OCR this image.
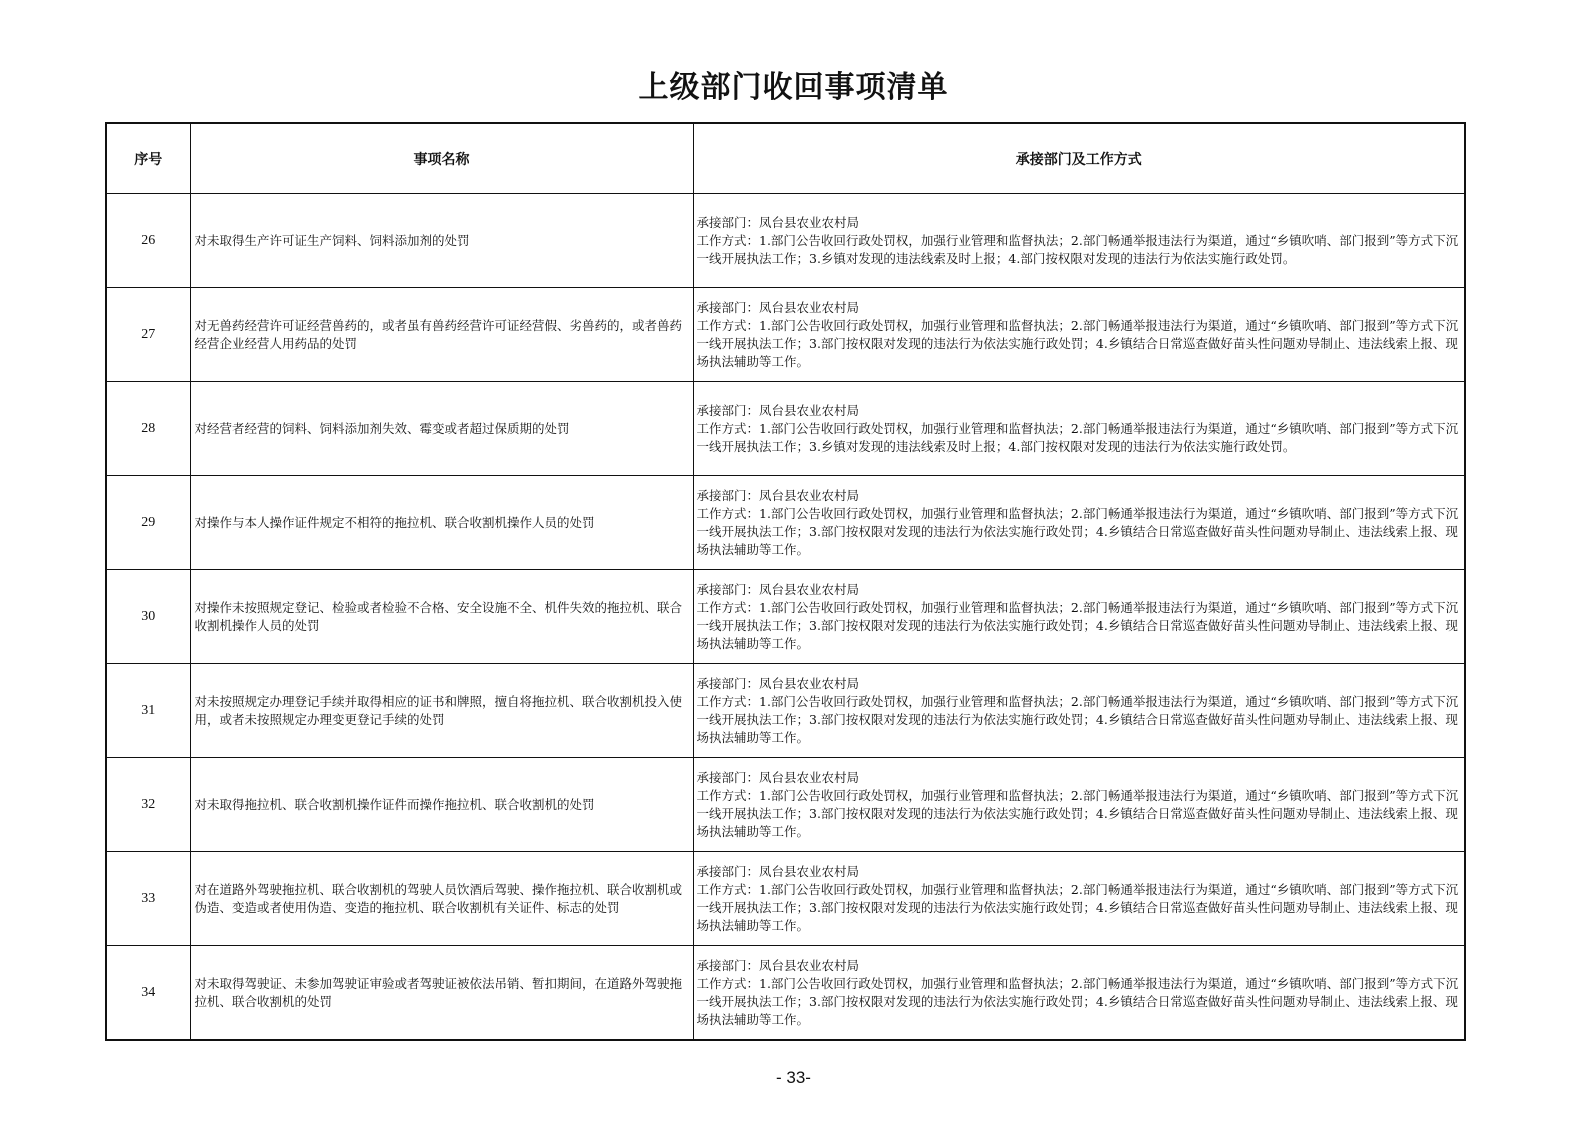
上级部门收回事项清单
序号	事项名称	承接部门及工作方式
26	对未取得生产许可证生产饲料、饲料添加剂的处罚	承接部门：凤台县农业农村局
工作方式：1.部门公告收回行政处罚权，加强行业管理和监督执法；2.部门畅通举报违法行为渠道，通过“乡镇吹哨、部门报到”等方式下沉一线开展执法工作；3.乡镇对发现的违法线索及时上报；4.部门按权限对发现的违法行为依法实施行政处罚。

27	对无兽药经营许可证经营兽药的，或者虽有兽药经营许可证经营假、劣兽药的，或者兽药经营企业经营人用药品的处罚	承接部门：凤台县农业农村局
工作方式：1.部门公告收回行政处罚权，加强行业管理和监督执法；2.部门畅通举报违法行为渠道，通过“乡镇吹哨、部门报到”等方式下沉一线开展执法工作；3.部门按权限对发现的违法行为依法实施行政处罚；4.乡镇结合日常巡查做好苗头性问题劝导制止、违法线索上报、现场执法辅助等工作。

28	对经营者经营的饲料、饲料添加剂失效、霉变或者超过保质期的处罚	承接部门：凤台县农业农村局
工作方式：1.部门公告收回行政处罚权，加强行业管理和监督执法；2.部门畅通举报违法行为渠道，通过“乡镇吹哨、部门报到”等方式下沉一线开展执法工作；3.乡镇对发现的违法线索及时上报；4.部门按权限对发现的违法行为依法实施行政处罚。

29	对操作与本人操作证件规定不相符的拖拉机、联合收割机操作人员的处罚	承接部门：凤台县农业农村局
工作方式：1.部门公告收回行政处罚权，加强行业管理和监督执法；2.部门畅通举报违法行为渠道，通过“乡镇吹哨、部门报到”等方式下沉一线开展执法工作；3.部门按权限对发现的违法行为依法实施行政处罚；4.乡镇结合日常巡查做好苗头性问题劝导制止、违法线索上报、现场执法辅助等工作。

30	对操作未按照规定登记、检验或者检验不合格、安全设施不全、机件失效的拖拉机、联合收割机操作人员的处罚	承接部门：凤台县农业农村局
工作方式：1.部门公告收回行政处罚权，加强行业管理和监督执法；2.部门畅通举报违法行为渠道，通过“乡镇吹哨、部门报到”等方式下沉一线开展执法工作；3.部门按权限对发现的违法行为依法实施行政处罚；4.乡镇结合日常巡查做好苗头性问题劝导制止、违法线索上报、现场执法辅助等工作。

31	对未按照规定办理登记手续并取得相应的证书和牌照，擅自将拖拉机、联合收割机投入使用，或者未按照规定办理变更登记手续的处罚	承接部门：凤台县农业农村局
工作方式：1.部门公告收回行政处罚权，加强行业管理和监督执法；2.部门畅通举报违法行为渠道，通过“乡镇吹哨、部门报到”等方式下沉一线开展执法工作；3.部门按权限对发现的违法行为依法实施行政处罚；4.乡镇结合日常巡查做好苗头性问题劝导制止、违法线索上报、现场执法辅助等工作。

32	对未取得拖拉机、联合收割机操作证件而操作拖拉机、联合收割机的处罚	承接部门：凤台县农业农村局
工作方式：1.部门公告收回行政处罚权，加强行业管理和监督执法；2.部门畅通举报违法行为渠道，通过“乡镇吹哨、部门报到”等方式下沉一线开展执法工作；3.部门按权限对发现的违法行为依法实施行政处罚；4.乡镇结合日常巡查做好苗头性问题劝导制止、违法线索上报、现场执法辅助等工作。

33	对在道路外驾驶拖拉机、联合收割机的驾驶人员饮酒后驾驶、操作拖拉机、联合收割机或伪造、变造或者使用伪造、变造的拖拉机、联合收割机有关证件、标志的处罚	承接部门：凤台县农业农村局
工作方式：1.部门公告收回行政处罚权，加强行业管理和监督执法；2.部门畅通举报违法行为渠道，通过“乡镇吹哨、部门报到”等方式下沉一线开展执法工作；3.部门按权限对发现的违法行为依法实施行政处罚；4.乡镇结合日常巡查做好苗头性问题劝导制止、违法线索上报、现场执法辅助等工作。

34	对未取得驾驶证、未参加驾驶证审验或者驾驶证被依法吊销、暂扣期间，在道路外驾驶拖拉机、联合收割机的处罚	承接部门：凤台县农业农村局
工作方式：1.部门公告收回行政处罚权，加强行业管理和监督执法；2.部门畅通举报违法行为渠道，通过“乡镇吹哨、部门报到”等方式下沉一线开展执法工作；3.部门按权限对发现的违法行为依法实施行政处罚；4.乡镇结合日常巡查做好苗头性问题劝导制止、违法线索上报、现场执法辅助等工作。
- 33-
